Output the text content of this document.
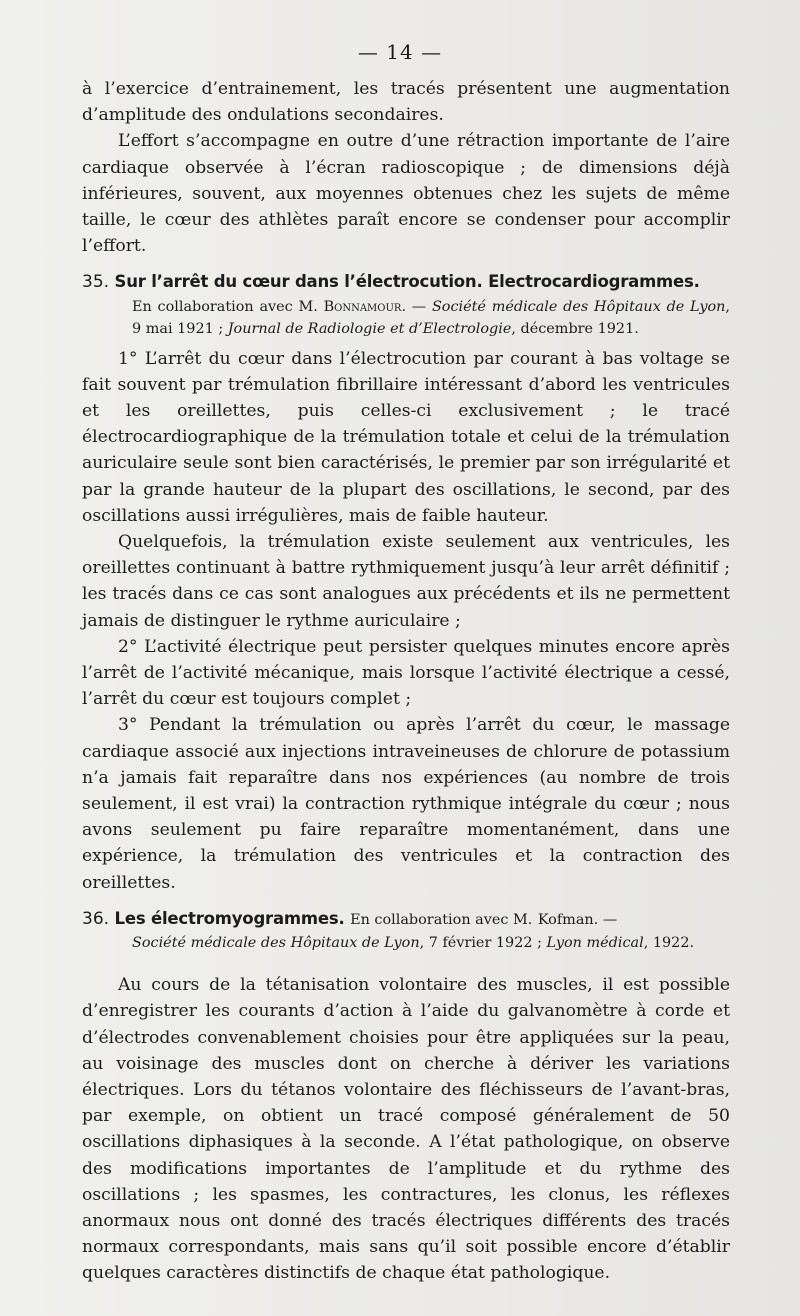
— 14 —

à l’exercice d’entrainement, les tracés présentent une augmentation d’amplitude des ondulations secondaires.

L’effort s’accompagne en outre d’une rétraction importante de l’aire cardiaque observée à l’écran radioscopique ; de dimensions déjà inférieures, souvent, aux moyennes obtenues chez les sujets de même taille, le cœur des athlètes paraît encore se condenser pour accomplir l’effort.

35. Sur l’arrêt du cœur dans l’électrocution. Electrocardiogrammes.

En collaboration avec M. Bonnamour. — Société médicale des Hôpitaux de Lyon, 9 mai 1921 ; Journal de Radiologie et d’Electrologie, décembre 1921.

1° L’arrêt du cœur dans l’électrocution par courant à bas voltage se fait souvent par trémulation fibrillaire intéressant d’abord les ventricules et les oreillettes, puis celles-ci exclusivement ; le tracé électrocardiographique de la trémulation totale et celui de la trémulation auriculaire seule sont bien caractérisés, le premier par son irrégularité et par la grande hauteur de la plupart des oscillations, le second, par des oscillations aussi irrégulières, mais de faible hauteur.

Quelquefois, la trémulation existe seulement aux ventricules, les oreillettes continuant à battre rythmiquement jusqu’à leur arrêt définitif ; les tracés dans ce cas sont analogues aux précédents et ils ne permettent jamais de distinguer le rythme auriculaire ;

2° L’activité électrique peut persister quelques minutes encore après l’arrêt de l’activité mécanique, mais lorsque l’activité électrique a cessé, l’arrêt du cœur est toujours complet ;

3° Pendant la trémulation ou après l’arrêt du cœur, le massage cardiaque associé aux injections intraveineuses de chlorure de potassium n’a jamais fait reparaître dans nos expériences (au nombre de trois seulement, il est vrai) la contraction rythmique intégrale du cœur ; nous avons seulement pu faire reparaître momentanément, dans une expérience, la trémulation des ventricules et la contraction des oreillettes.

36. Les électromyogrammes. En collaboration avec M. Kofman. —

Société médicale des Hôpitaux de Lyon, 7 février 1922 ; Lyon médical, 1922.

Au cours de la tétanisation volontaire des muscles, il est possible d’enregistrer les courants d’action à l’aide du galvanomètre à corde et d’électrodes convenablement choisies pour être appliquées sur la peau, au voisinage des muscles dont on cherche à dériver les variations électriques. Lors du tétanos volontaire des fléchisseurs de l’avant-bras, par exemple, on obtient un tracé composé généralement de 50 oscillations diphasiques à la seconde. A l’état pathologique, on observe des modifications importantes de l’amplitude et du rythme des oscillations ; les spasmes, les contractures, les clonus, les réflexes anormaux nous ont donné des tracés électriques différents des tracés normaux correspondants, mais sans qu’il soit possible encore d’établir quelques caractères distinctifs de chaque état pathologique.
